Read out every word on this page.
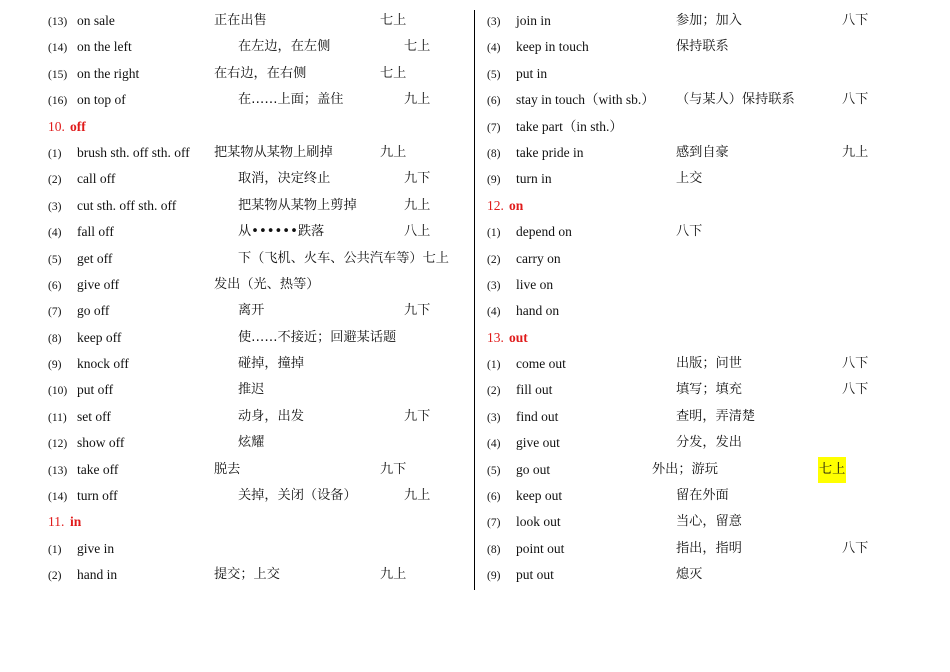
(13) on sale	正在出售	七上
(14) on the left	在左边，在左侧	七上
(15) on the right	在右边，在右侧	七上
(16) on top of	在……上面；盖住	九上
10. off
(1) brush sth. off sth. off 把某物从某物上刷掉	九上
(2) call off	取消，决定终止	九下
(3) cut sth. off sth. off	把某物从某物上剪掉	九上
(4) fall off	从••••••跌落	八上
(5) get off	下（飞机、火车、公共汽车等）七上
(6) give off	发出（光、热等）
(7) go off	离开	九下
(8) keep off	使……不接近；回避某话题
(9) knock off	碰掉，撞掉
(10) put off	推迟
(11) set off	动身，出发	九下
(12) show off	炫耀
(13) take off	脱去	九下
(14) turn off	关掉，关闭（设备）	九上
11. in
(1) give in
(2) hand in	提交；上交	九上
(3) join in	参加；加入	八下
(4) keep in touch	保持联系
(5) put in
(6) stay in touch（with sb.） （与某人）保持联系	八下
(7) take part（in sth.）
(8) take pride in	感到自豪	九上
(9) turn in	上交
12. on
(1) depend on	八下
(2) carry on
(3) live on
(4) hand on
13. out
(1) come out	出版；问世	八下
(2) fill out	填写；填充	八下
(3) find out	查明，弄清楚
(4) give out	分发，发出
(5) go out	外出；游玩	七上
(6) keep out	留在外面
(7) look out	当心，留意
(8) point out	指出，指明	八下
(9) put out	熄灭
